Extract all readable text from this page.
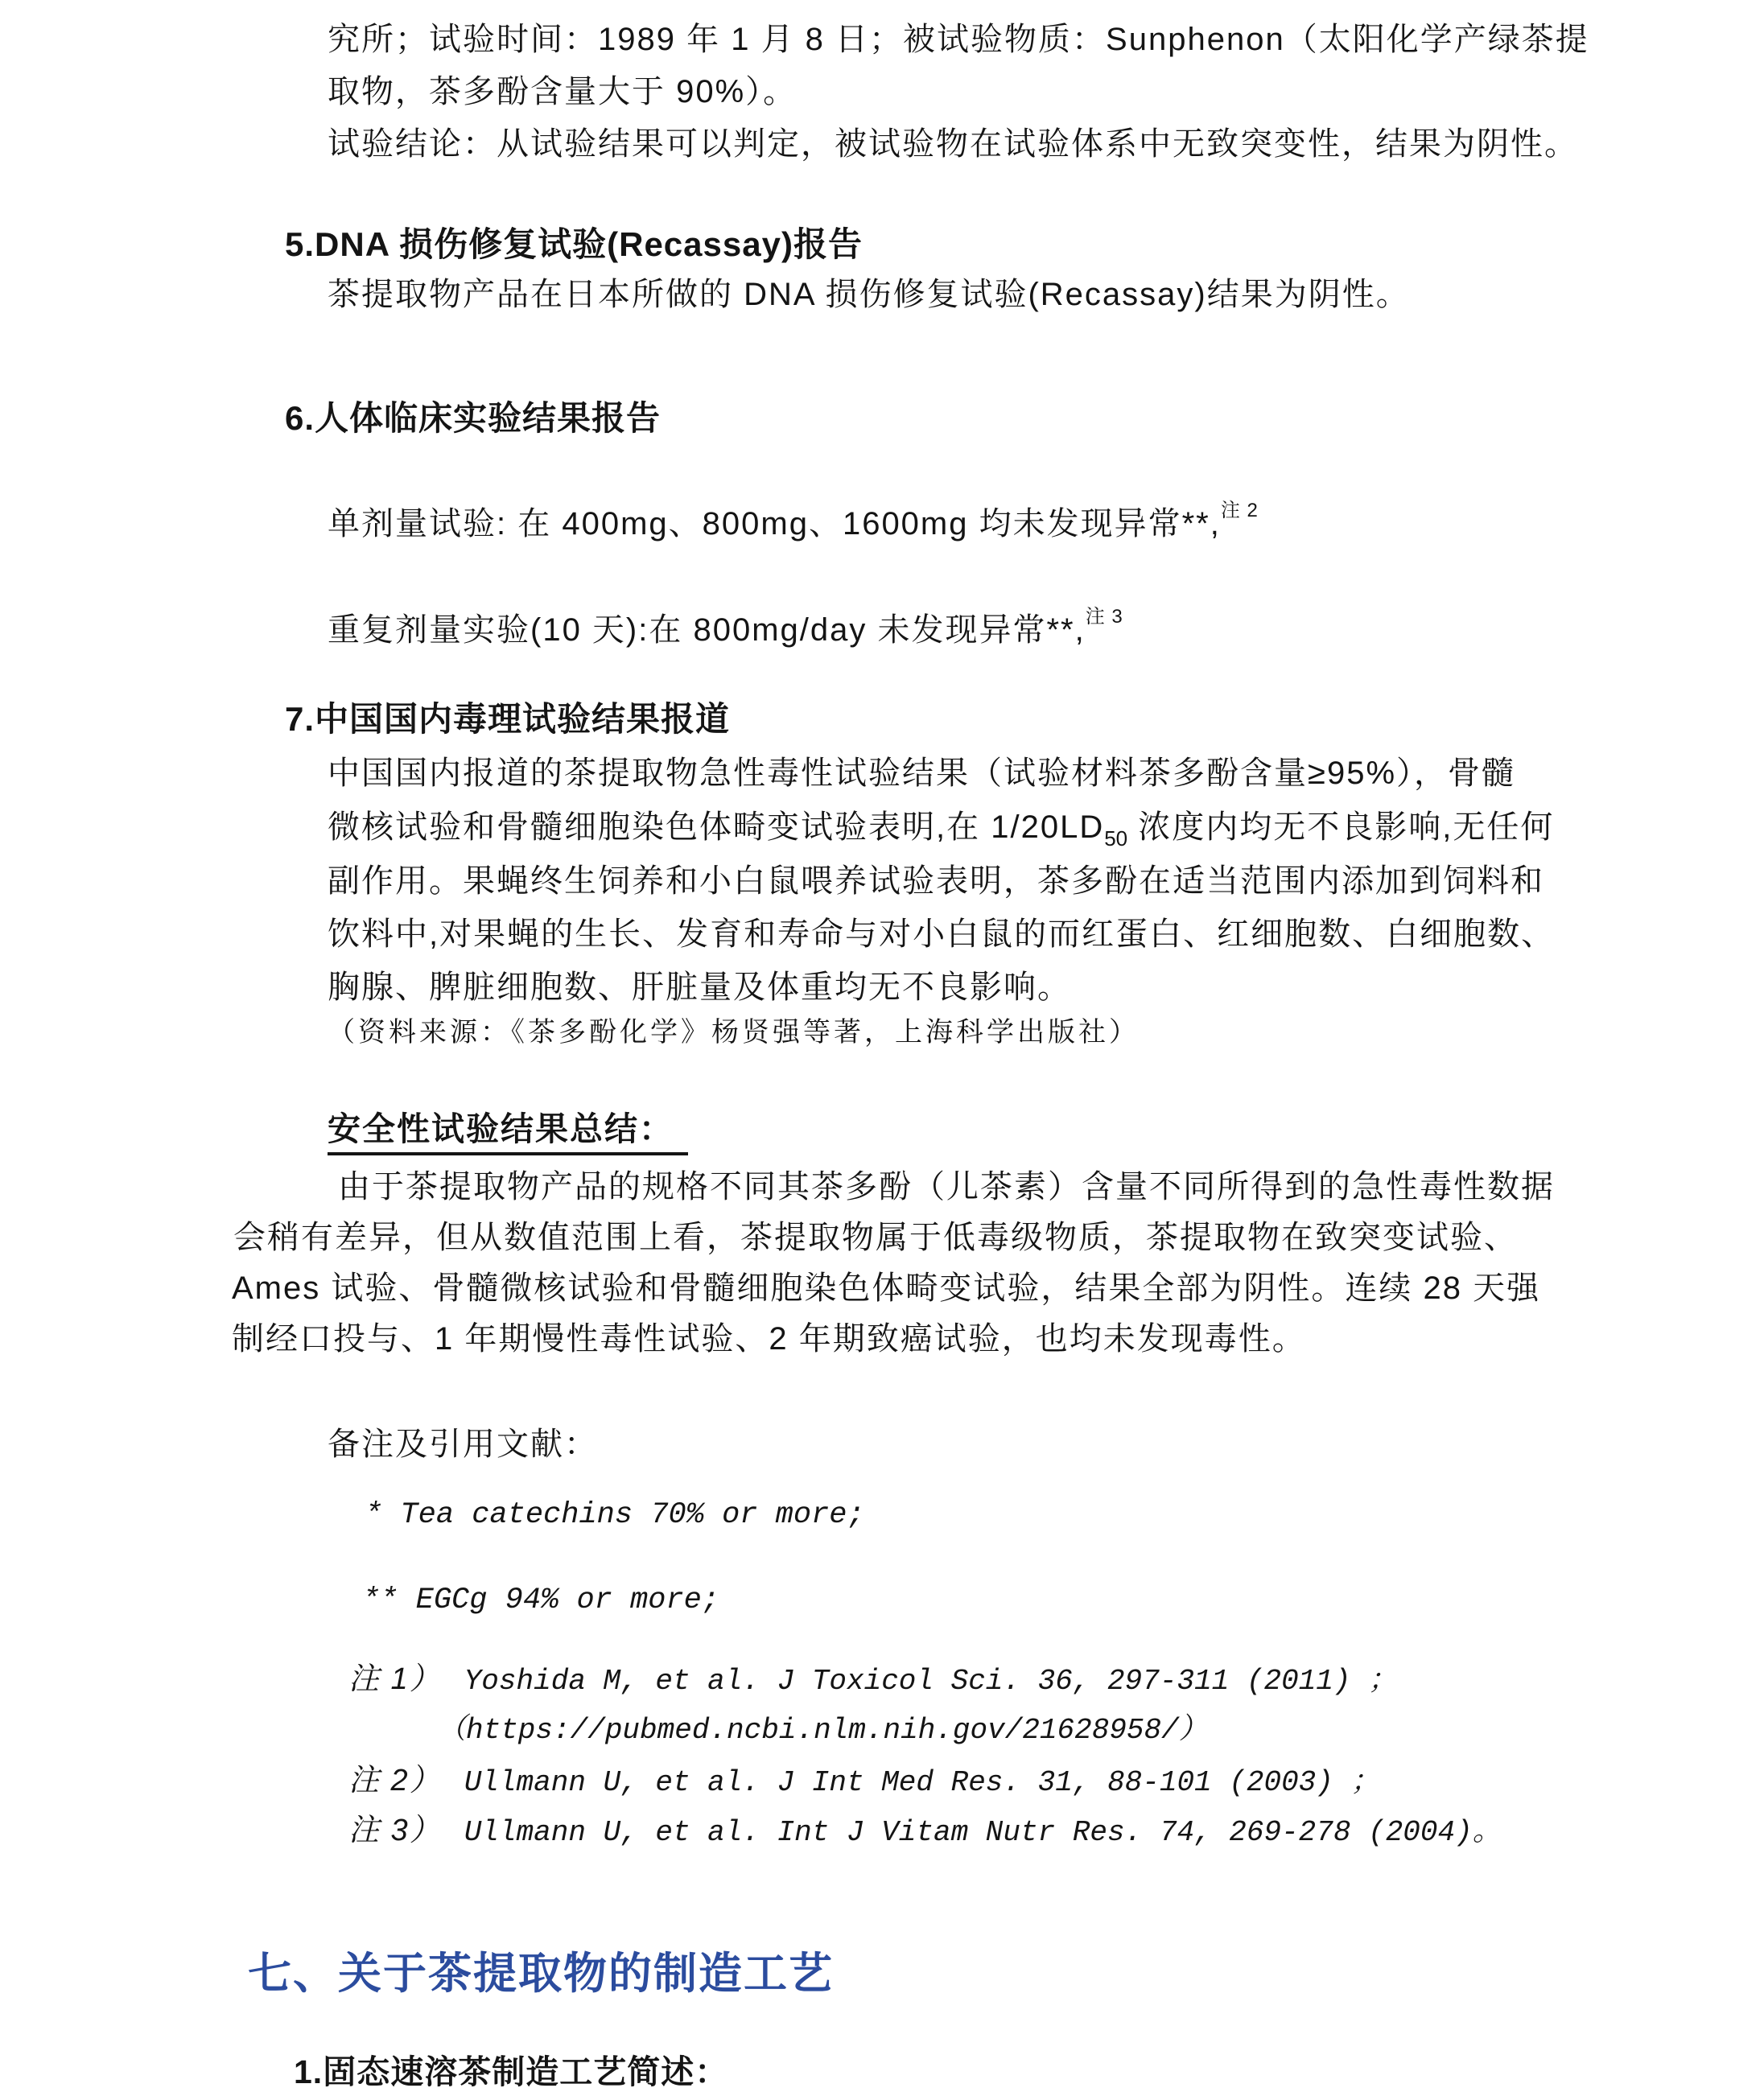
究所；试验时间：1989 年 1 月 8 日；被试验物质：Sunphenon（太阳化学产绿茶提
取物，茶多酚含量大于 90%）。
试验结论：从试验结果可以判定，被试验物在试验体系中无致突变性，结果为阴性。
5.DNA 损伤修复试验(Recassay)报告
茶提取物产品在日本所做的 DNA 损伤修复试验(Recassay)结果为阴性。
6.人体临床实验结果报告
单剂量试验: 在 400mg、800mg、1600mg 均未发现异常**,$^{注 2}$
重复剂量实验(10 天):在 800mg/day 未发现异常**,$^{注 3}$
7.中国国内毒理试验结果报道
中国国内报道的茶提取物急性毒性试验结果（试验材料茶多酚含量≥95%），骨髓
微核试验和骨髓细胞染色体畸变试验表明,在 $1/20LD_{50}$ 浓度内均无不良影响,无任何
副作用。果蝇终生饲养和小白鼠喂养试验表明，茶多酚在适当范围内添加到饲料和
饮料中,对果蝇的生长、发育和寿命与对小白鼠的而红蛋白、红细胞数、白细胞数、
胸腺、脾脏细胞数、肝脏量及体重均无不良影响。
（资料来源：《茶多酚化学》杨贤强等著，上海科学出版社）
安全性试验结果总结：
由于茶提取物产品的规格不同其茶多酚（儿茶素）含量不同所得到的急性毒性数据
会稍有差异，但从数值范围上看，茶提取物属于低毒级物质，茶提取物在致突变试验、
Ames 试验、骨髓微核试验和骨髓细胞染色体畸变试验，结果全部为阴性。连续 28 天强
制经口投与、1 年期慢性毒性试验、2 年期致癌试验，也均未发现毒性。
备注及引用文献：
* Tea catechins 70% or more;
** EGCg 94% or more;
注 1） Yoshida M, et al. J Toxicol Sci. 36, 297-311 (2011) ；
（https://pubmed.ncbi.nlm.nih.gov/21628958/）
注 2） Ullmann U, et al. J Int Med Res. 31, 88-101 (2003) ；
注 3） Ullmann U, et al. Int J Vitam Nutr Res. 74, 269-278 (2004)。
七、关于茶提取物的制造工艺
1.固态速溶茶制造工艺简述：
